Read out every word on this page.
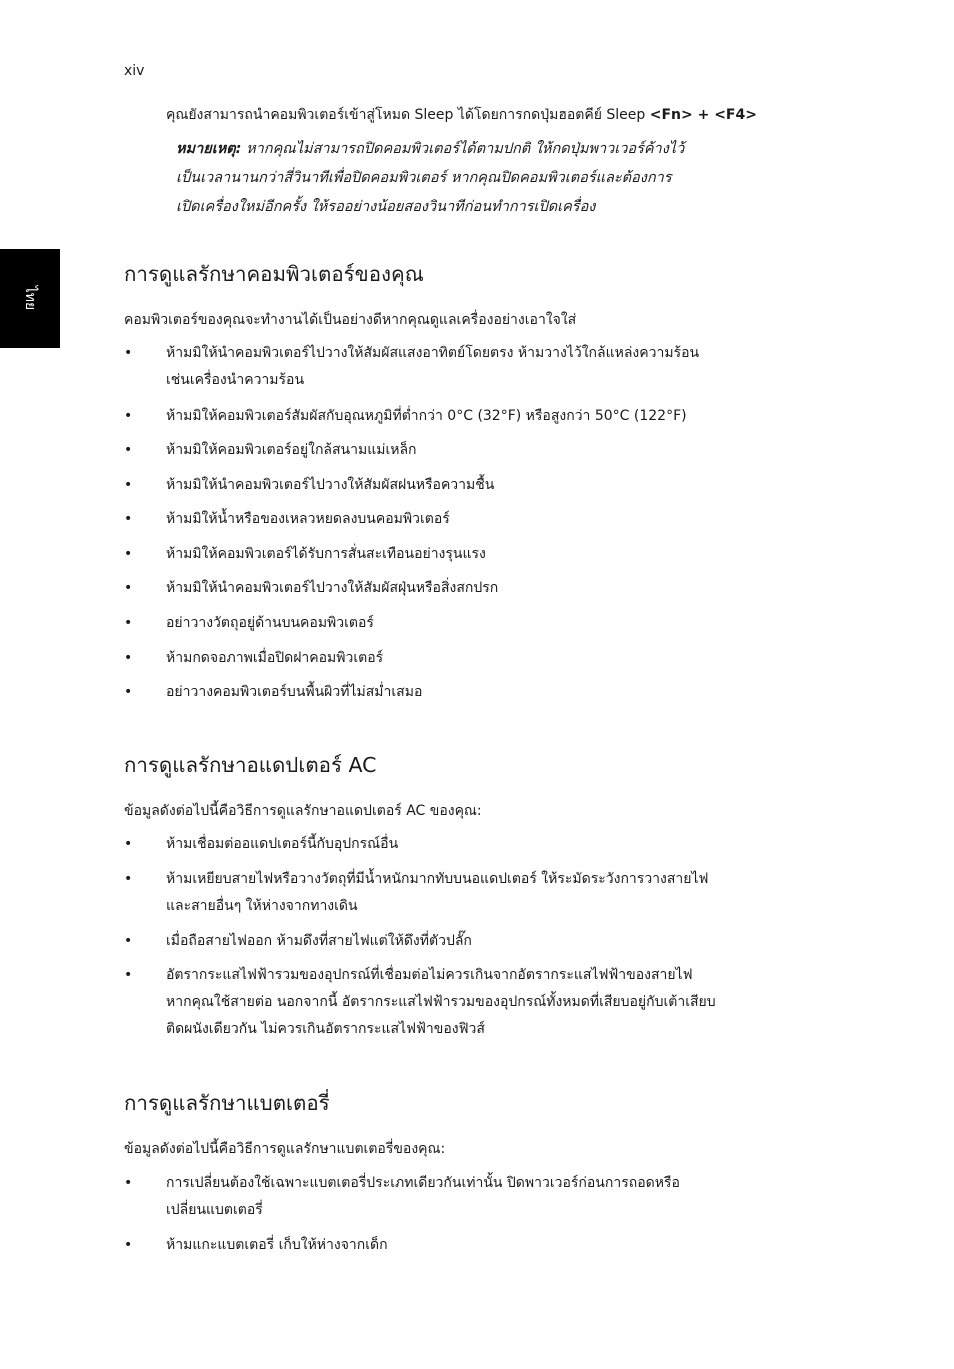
xiv
ไทย
คุณยังสามารถนำคอมพิวเตอร์เข้าสู่โหมด Sleep ได้โดยการกดปุ่มฮอตคีย์ Sleep <Fn> + <F4>
หมายเหตุ: หากคุณไม่สามารถปิดคอมพิวเตอร์ได้ตามปกติ ให้กดปุ่มพาวเวอร์ค้างไว้
เป็นเวลานานกว่าสี่วินาทีเพื่อปิดคอมพิวเตอร์ หากคุณปิดคอมพิวเตอร์และต้องการ
เปิดเครื่องใหม่อีกครั้ง ให้รออย่างน้อยสองวินาทีก่อนทำการเปิดเครื่อง
การดูแลรักษาคอมพิวเตอร์ของคุณ

คอมพิวเตอร์ของคุณจะทำงานได้เป็นอย่างดีหากคุณดูแลเครื่องอย่างเอาใจใส่

• ห้ามมิให้นำคอมพิวเตอร์ไปวางให้สัมผัสแสงอาทิตย์โดยตรง ห้ามวางไว้ใกล้แหล่งความร้อน
เช่นเครื่องนำความร้อน
• ห้ามมิให้คอมพิวเตอร์สัมผัสกับอุณหภูมิที่ต่ำกว่า 0°C (32°F) หรือสูงกว่า 50°C (122°F)
• ห้ามมิให้คอมพิวเตอร์อยู่ใกล้สนามแม่เหล็ก
• ห้ามมิให้นำคอมพิวเตอร์ไปวางให้สัมผัสฝนหรือความชื้น
• ห้ามมิให้น้ำหรือของเหลวหยดลงบนคอมพิวเตอร์
• ห้ามมิให้คอมพิวเตอร์ได้รับการสั่นสะเทือนอย่างรุนแรง
• ห้ามมิให้นำคอมพิวเตอร์ไปวางให้สัมผัสฝุ่นหรือสิ่งสกปรก
• อย่าวางวัตถุอยู่ด้านบนคอมพิวเตอร์
• ห้ามกดจอภาพเมื่อปิดฝาคอมพิวเตอร์
• อย่าวางคอมพิวเตอร์บนพื้นผิวที่ไม่สม่ำเสมอ
การดูแลรักษาอแดปเตอร์ AC

ข้อมูลดังต่อไปนี้คือวิธีการดูแลรักษาอแดปเตอร์ AC ของคุณ:

• ห้ามเชื่อมต่ออแดปเตอร์นี้กับอุปกรณ์อื่น
• ห้ามเหยียบสายไฟหรือวางวัตถุที่มีน้ำหนักมากทับบนอแดปเตอร์ ให้ระมัดระวังการวางสายไฟ
และสายอื่นๆ ให้ห่างจากทางเดิน
• เมื่อถือสายไฟออก ห้ามดึงที่สายไฟแต่ให้ดึงที่ตัวปลั๊ก
• อัตรากระแสไฟฟ้ารวมของอุปกรณ์ที่เชื่อมต่อไม่ควรเกินจากอัตรากระแสไฟฟ้าของสายไฟ
หากคุณใช้สายต่อ นอกจากนี้ อัตรากระแสไฟฟ้ารวมของอุปกรณ์ทั้งหมดที่เสียบอยู่กับเต้าเสียบ
ติดผนังเดียวกัน ไม่ควรเกินอัตรากระแสไฟฟ้าของฟิวส์
การดูแลรักษาแบตเตอรี่

ข้อมูลดังต่อไปนี้คือวิธีการดูแลรักษาแบตเตอรี่ของคุณ:

• การเปลี่ยนต้องใช้เฉพาะแบตเตอรี่ประเภทเดียวกันเท่านั้น ปิดพาวเวอร์ก่อนการถอดหรือ
เปลี่ยนแบตเตอรี่
• ห้ามแกะแบตเตอรี่ เก็บให้ห่างจากเด็ก
